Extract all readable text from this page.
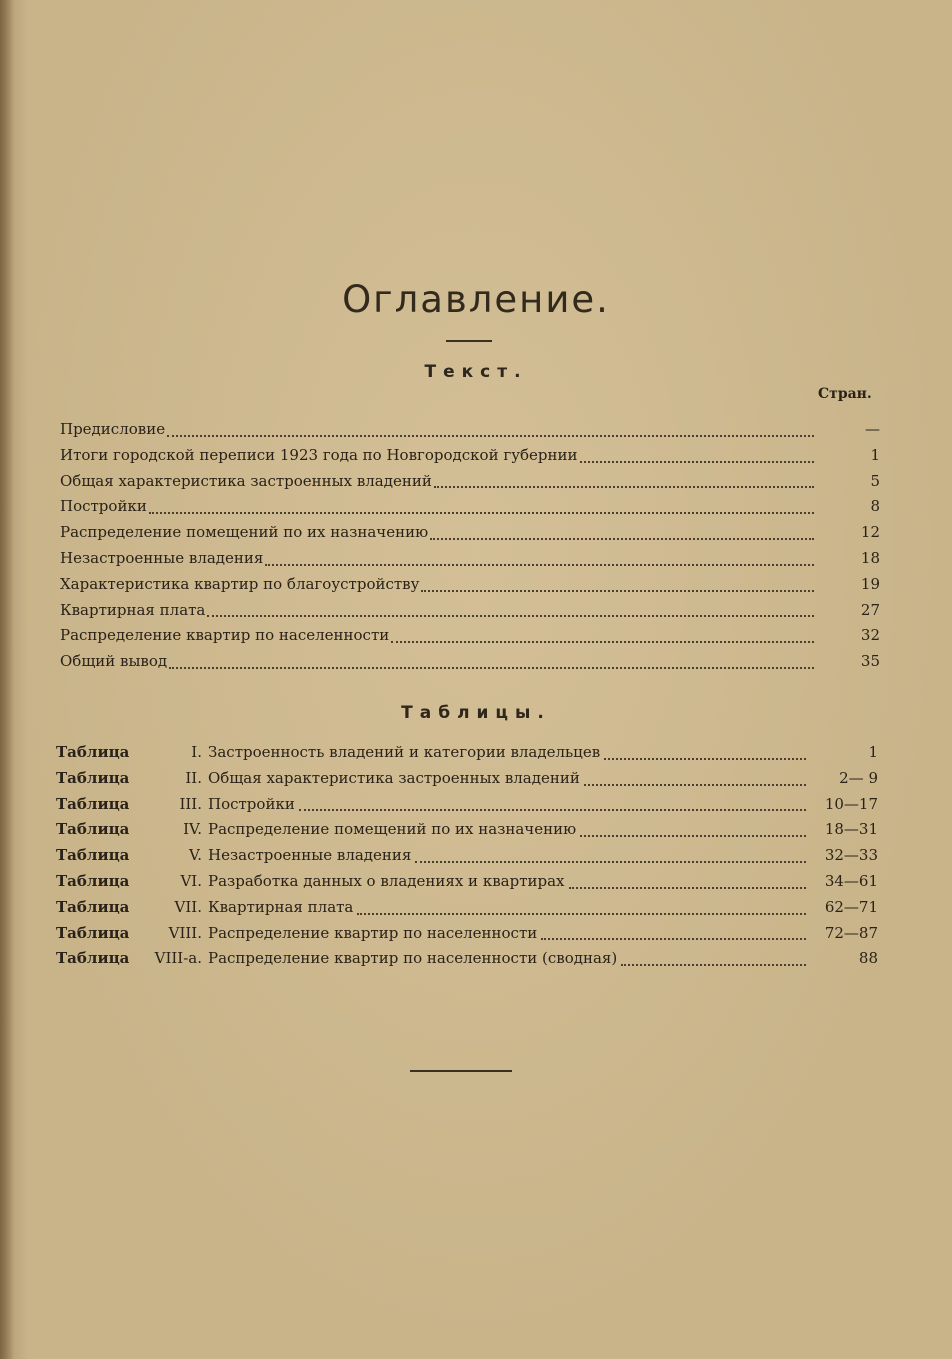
Оглавление.
Текст.
Стран.
Предисловие	—
Итоги городской переписи 1923 года по Новгородской губернии	1
Общая характеристика застроенных владений	5
Постройки	8
Распределение помещений по их назначению	12
Незастроенные владения	18
Характеристика квартир по благоустройству	19
Квартирная плата	27
Распределение квартир по населенности	32
Общий вывод	35
Таблицы.
Таблица	I. Застроенность владений и категории владельцев	1
Таблица	II. Общая характеристика застроенных владений	2— 9
Таблица	III. Постройки	10—17
Таблица	IV. Распределение помещений по их назначению	18—31
Таблица	V. Незастроенные владения	32—33
Таблица	VI. Разработка данных о владениях и квартирах	34—61
Таблица	VII. Квартирная плата	62—71
Таблица	VIII. Распределение квартир по населенности	72—87
Таблица	VIII-а. Распределение квартир по населенности (сводная)	88
